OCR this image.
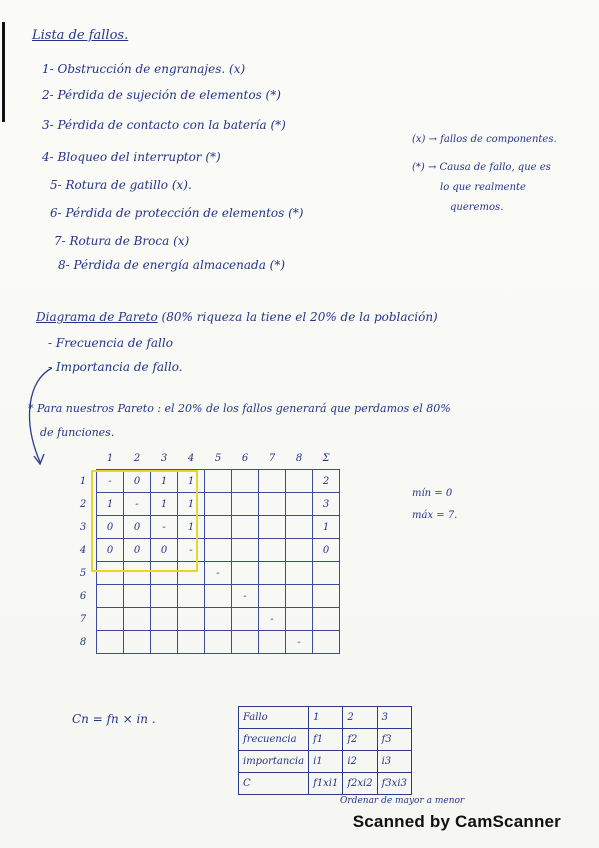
Lista de fallos.
1- Obstrucción de engranajes. (x)
2- Pérdida de sujeción de elementos (*)
3- Pérdida de contacto con la batería (*)
4- Bloqueo del interruptor (*)
5- Rotura de gatillo (x).
6- Pérdida de protección de elementos (*)
7- Rotura de Broca (x)
8- Pérdida de energía almacenada (*)
(x) → fallos de componentes.
(*) → Causa de fallo, que es
lo que realmente
queremos.
Diagrama de Pareto (80% riqueza la tiene el 20% de la población)
- Frecuencia de fallo
- Importancia de fallo.
* Para nuestros Pareto : el 20% de los fallos generará que perdamos el 80%
de funciones.
	1	2	3	4	5	6	7	8	Σ
1	-	0	1	1					2
2	1	-	1	1					3
3	0	0	-	1					1
4	0	0	0	-					0
5					-				
6						-			
7							-		
8								-	
mín = 0
máx = 7.
Cn = fn × in .	Fallo	1	2	3
frecuencia	f1	f2	f3
importancia	i1	i2	i3
C	f1xi1	f2xi2	f3xi3
Ordenar de mayor a menor
Scanned by CamScanner
